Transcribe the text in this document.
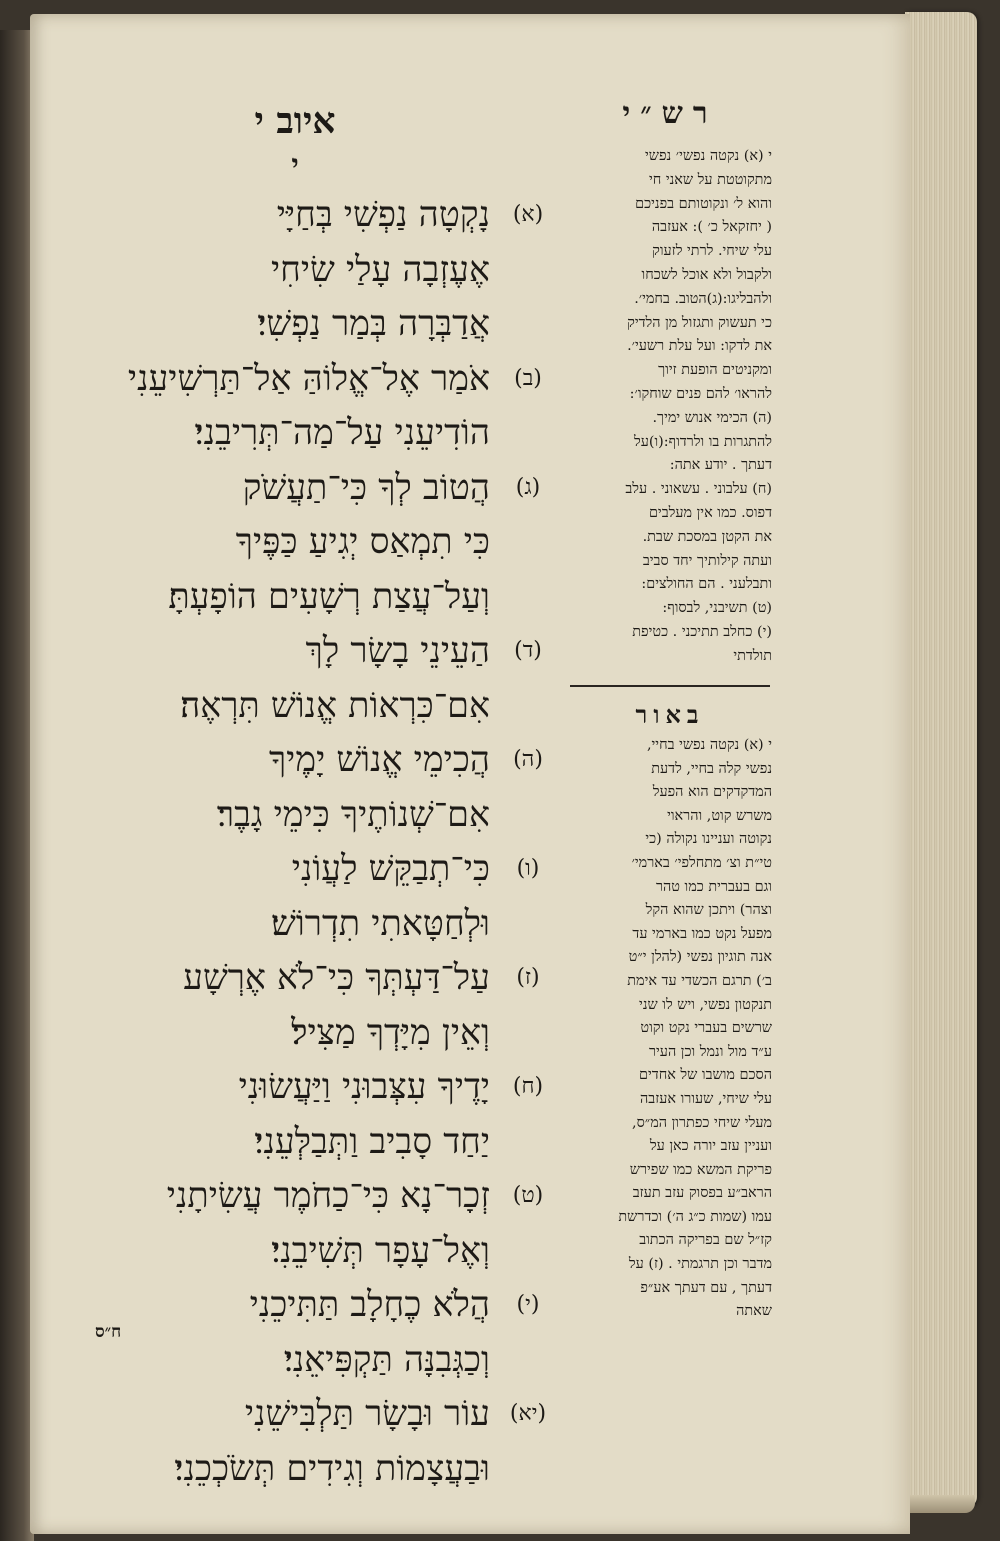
איוב י
י
(א)
נָקְטָה נַפְשִׁי בְּחַיָּי
אֶעֶזְבָה עָלַי שִׂיחִי
אֲדַבְּרָה בְּמַר נַפְשִׁי׃
(ב)
אֹמַר אֶל־אֱלוֹהַּ אַל־תַּרְשִׁיעֵנִי
הוֹדִיעֵנִי עַל־מַה־תְּרִיבֵנִי׃
(ג)
הֲטוֹב לְךָ כִּי־תַעֲשֹׁק
כִּי תִמְאַס יְגִיעַ כַּפֶּיךָ
וְעַל־עֲצַת רְשָׁעִים הוֹפָעְתָּ׃
(ד)
הַעֵינֵי בָשָׂר לָךְ
אִם־כִּרְאוֹת אֱנוֹשׁ תִּרְאֶה׃
(ה)
הֲכִימֵי אֱנוֹשׁ יָמֶיךָ
אִם־שְׁנוֹתֶיךָ כִּימֵי גָבֶר׃
(ו)
כִּי־תְבַקֵּשׁ לַעֲוֹנִי
וּלְחַטָּאתִי תִדְרוֹשׁ׃
(ז)
עַל־דַּעְתְּךָ כִּי־לֹא אֶרְשָׁע
וְאֵין מִיָּדְךָ מַצִּיל׃
(ח)
יָדֶיךָ עִצְּבוּנִי וַיַּעֲשׂוּנִי
יַחַד סָבִיב וַתְּבַלְּעֵנִי׃
(ט)
זְכָר־נָא כִּי־כַחֹמֶר עֲשִׂיתָנִי
וְאֶל־עָפָר תְּשִׁיבֵנִי׃
(י)
הֲלֹא כֶחָלָב תַּתִּיכֵנִי
וְכַגְּבִנָּה תַּקְפִּיאֵנִי׃
(יא)
עוֹר וּבָשָׂר תַּלְבִּישֵׁנִי
וּבַעֲצָמוֹת וְגִידִים תְּשֹׂכְכֵנִי׃
ח״ס
רש״י
י (א) נקטה נפשי׳ נפשי
מתקוטטת על שאני חי
והוא ל׳ ונקוטותם בפניכם
( יחזקאל כ׳ ): אעזבה
עלי שיחי. לרתי לזעוק
ולקבול ולא אוכל לשכחו
ולהבליגו:(ג)הטוב. בחמי׳.
כי תעשוק ותגזול מן הלדיק
את לדקו: ועל עלת רשעי׳.
ומקניטים הופעת זיוך
להראו׳ להם פנים שוחקו׳:
(ה) הכימי אנוש ימיך.
להתגרות בו ולרדוף:(ו)על
דעתך . יודע אתה:
(ח) עלבוני . עשאוני . עלב
דפוס. כמו אין מעלבים
את הקטן במסכת שבת.
ועתה קילותיך יחד סביב
ותבלעני . הם החולצים:
(ט) תשיבני, לבסוף:
(י) כחלב תתיכני . כטיפת
תולדתי
באור
י (א) נקטה נפשי בחיי,
נפשי קלה בחיי, לדעת
המדקדקים הוא הפעל
משרש קוט, והראוי
נקוטה ועניינו נקולה (כי
טי״ת וצ׳ מתחלפי׳ בארמי׳
וגם בעברית כמו טהר
וצהר) ויתכן שהוא הקל
מפעל נקט כמו בארמי עד
אנה תוגיון נפשי (להלן י״ט
ב׳) תרגם הכשדי עד אימת
תנקטון נפשי, ויש לו שני
שרשים בעברי נקט וקוט
ע״ד מול ונמל וכן העיר
הסכם מושבו של אחדים
עלי שיחי, שעורו אעזבה
מעלי שיחי כפתרון המ״ס,
ועניין עזב יורה כאן על
פריקת המשא כמו שפירש
הראב״ע בפסוק עזב תעזב
עמו (שמות כ״ג ה׳) וכדרשת
קז״ל שם בפריקה הכתוב
מדבר וכן תרגמתי . (ז) על
דעתך , עם דעתך אע״פ
שאתה
